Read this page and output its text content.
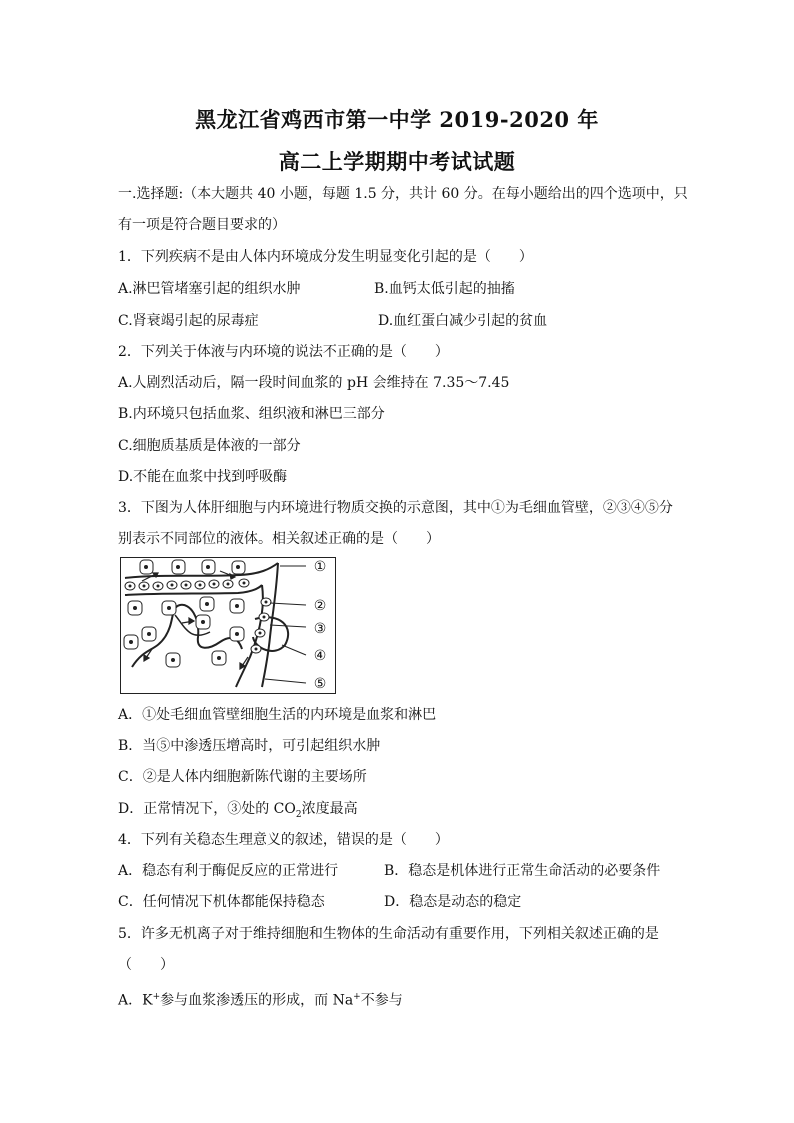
黑龙江省鸡西市第一中学 2019-2020 年
高二上学期期中考试试题
一.选择题:（本大题共 40 小题，每题 1.5 分，共计 60 分。在每小题给出的四个选项中，只
有一项是符合题目要求的）
1．下列疾病不是由人体内环境成分发生明显变化引起的是（　　）
A.淋巴管堵塞引起的组织水肿	B.血钙太低引起的抽搐
C.肾衰竭引起的尿毒症	D.血红蛋白减少引起的贫血
2．下列关于体液与内环境的说法不正确的是（　　）
A.人剧烈活动后，隔一段时间血浆的 pH 会维持在 7.35～7.45
B.内环境只包括血浆、组织液和淋巴三部分
C.细胞质基质是体液的一部分
D.不能在血浆中找到呼吸酶
3．下图为人体肝细胞与内环境进行物质交换的示意图，其中①为毛细血管壁，②③④⑤分
别表示不同部位的液体。相关叙述正确的是（　　）
①
②
③
④
⑤
A．①处毛细血管壁细胞生活的内环境是血浆和淋巴
B．当⑤中渗透压增高时，可引起组织水肿
C．②是人体内细胞新陈代谢的主要场所
D．正常情况下，③处的 $CO_2$浓度最高
4．下列有关稳态生理意义的叙述，错误的是（　　）
A．稳态有利于酶促反应的正常进行	B．稳态是机体进行正常生命活动的必要条件
C．任何情况下机体都能保持稳态	D．稳态是动态的稳定
5．许多无机离子对于维持细胞和生物体的生命活动有重要作用，下列相关叙述正确的是
（　　）
A．K+参与血浆渗透压的形成，而 Na+不参与
